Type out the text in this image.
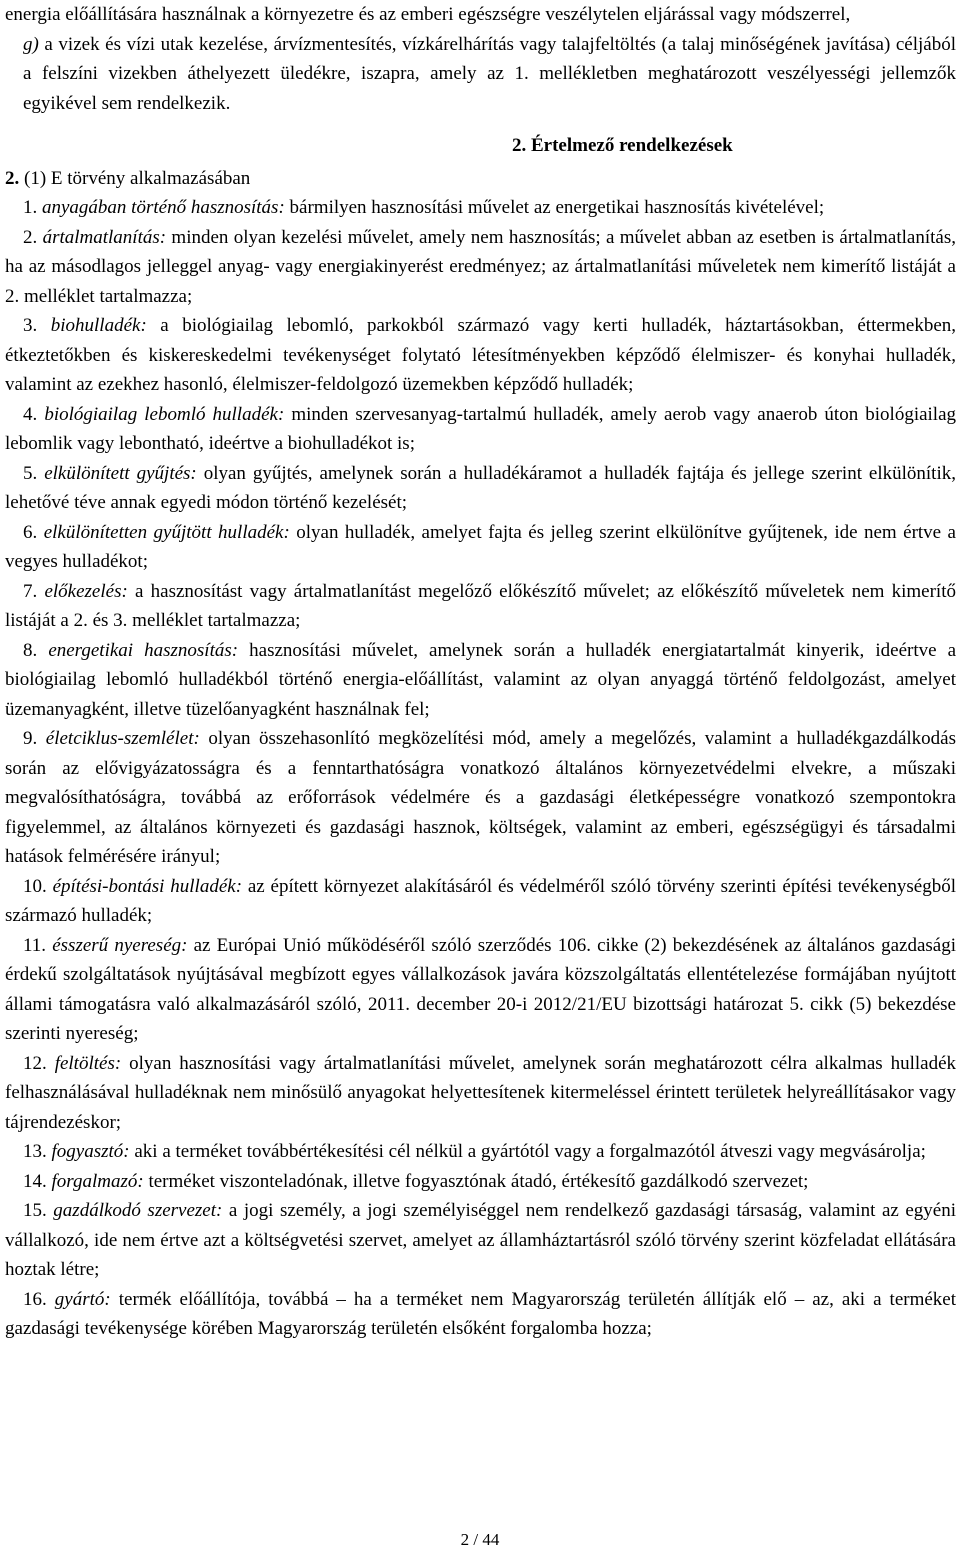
energia előállítására használnak a környezetre és az emberi egészségre veszélytelen eljárással vagy módszerrel,

g) a vizek és vízi utak kezelése, árvízmentesítés, vízkárelhárítás vagy talajfeltöltés (a talaj minőségének javítása) céljából a felszíni vizekben áthelyezett üledékre, iszapra, amely az 1. mellékletben meghatározott veszélyességi jellemzők egyikével sem rendelkezik.

2. Értelmező rendelkezések

2. (1) E törvény alkalmazásában

1. anyagában történő hasznosítás: bármilyen hasznosítási művelet az energetikai hasznosítás kivételével;

2. ártalmatlanítás: minden olyan kezelési művelet, amely nem hasznosítás; a művelet abban az esetben is ártalmatlanítás, ha az másodlagos jelleggel anyag- vagy energiakinyerést eredményez; az ártalmatlanítási műveletek nem kimerítő listáját a 2. melléklet tartalmazza;

3. biohulladék: a biológiailag lebomló, parkokból származó vagy kerti hulladék, háztartásokban, éttermekben, étkeztetőkben és kiskereskedelmi tevékenységet folytató létesítményekben képződő élelmiszer- és konyhai hulladék, valamint az ezekhez hasonló, élelmiszer-feldolgozó üzemekben képződő hulladék;

4. biológiailag lebomló hulladék: minden szervesanyag-tartalmú hulladék, amely aerob vagy anaerob úton biológiailag lebomlik vagy lebontható, ideértve a biohulladékot is;

5. elkülönített gyűjtés: olyan gyűjtés, amelynek során a hulladékáramot a hulladék fajtája és jellege szerint elkülönítik, lehetővé téve annak egyedi módon történő kezelését;

6. elkülönítetten gyűjtött hulladék: olyan hulladék, amelyet fajta és jelleg szerint elkülönítve gyűjtenek, ide nem értve a vegyes hulladékot;

7. előkezelés: a hasznosítást vagy ártalmatlanítást megelőző előkészítő művelet; az előkészítő műveletek nem kimerítő listáját a 2. és 3. melléklet tartalmazza;

8. energetikai hasznosítás: hasznosítási művelet, amelynek során a hulladék energiatartalmát kinyerik, ideértve a biológiailag lebomló hulladékból történő energia-előállítást, valamint az olyan anyaggá történő feldolgozást, amelyet üzemanyagként, illetve tüzelőanyagként használnak fel;

9. életciklus-szemlélet: olyan összehasonlító megközelítési mód, amely a megelőzés, valamint a hulladékgazdálkodás során az elővigyázatosságra és a fenntarthatóságra vonatkozó általános környezetvédelmi elvekre, a műszaki megvalósíthatóságra, továbbá az erőforrások védelmére és a gazdasági életképességre vonatkozó szempontokra figyelemmel, az általános környezeti és gazdasági hasznok, költségek, valamint az emberi, egészségügyi és társadalmi hatások felmérésére irányul;

10. építési-bontási hulladék: az épített környezet alakításáról és védelméről szóló törvény szerinti építési tevékenységből származó hulladék;

11. ésszerű nyereség: az Európai Unió működéséről szóló szerződés 106. cikke (2) bekezdésének az általános gazdasági érdekű szolgáltatások nyújtásával megbízott egyes vállalkozások javára közszolgáltatás ellentételezése formájában nyújtott állami támogatásra való alkalmazásáról szóló, 2011. december 20-i 2012/21/EU bizottsági határozat 5. cikk (5) bekezdése szerinti nyereség;

12. feltöltés: olyan hasznosítási vagy ártalmatlanítási művelet, amelynek során meghatározott célra alkalmas hulladék felhasználásával hulladéknak nem minősülő anyagokat helyettesítenek kitermeléssel érintett területek helyreállításakor vagy tájrendezéskor;

13. fogyasztó: aki a terméket továbbértékesítési cél nélkül a gyártótól vagy a forgalmazótól átveszi vagy megvásárolja;

14. forgalmazó: terméket viszonteladónak, illetve fogyasztónak átadó, értékesítő gazdálkodó szervezet;

15. gazdálkodó szervezet: a jogi személy, a jogi személyiséggel nem rendelkező gazdasági társaság, valamint az egyéni vállalkozó, ide nem értve azt a költségvetési szervet, amelyet az államháztartásról szóló törvény szerint közfeladat ellátására hoztak létre;

16. gyártó: termék előállítója, továbbá – ha a terméket nem Magyarország területén állítják elő – az, aki a terméket gazdasági tevékenysége körében Magyarország területén elsőként forgalomba hozza;

2 / 44
